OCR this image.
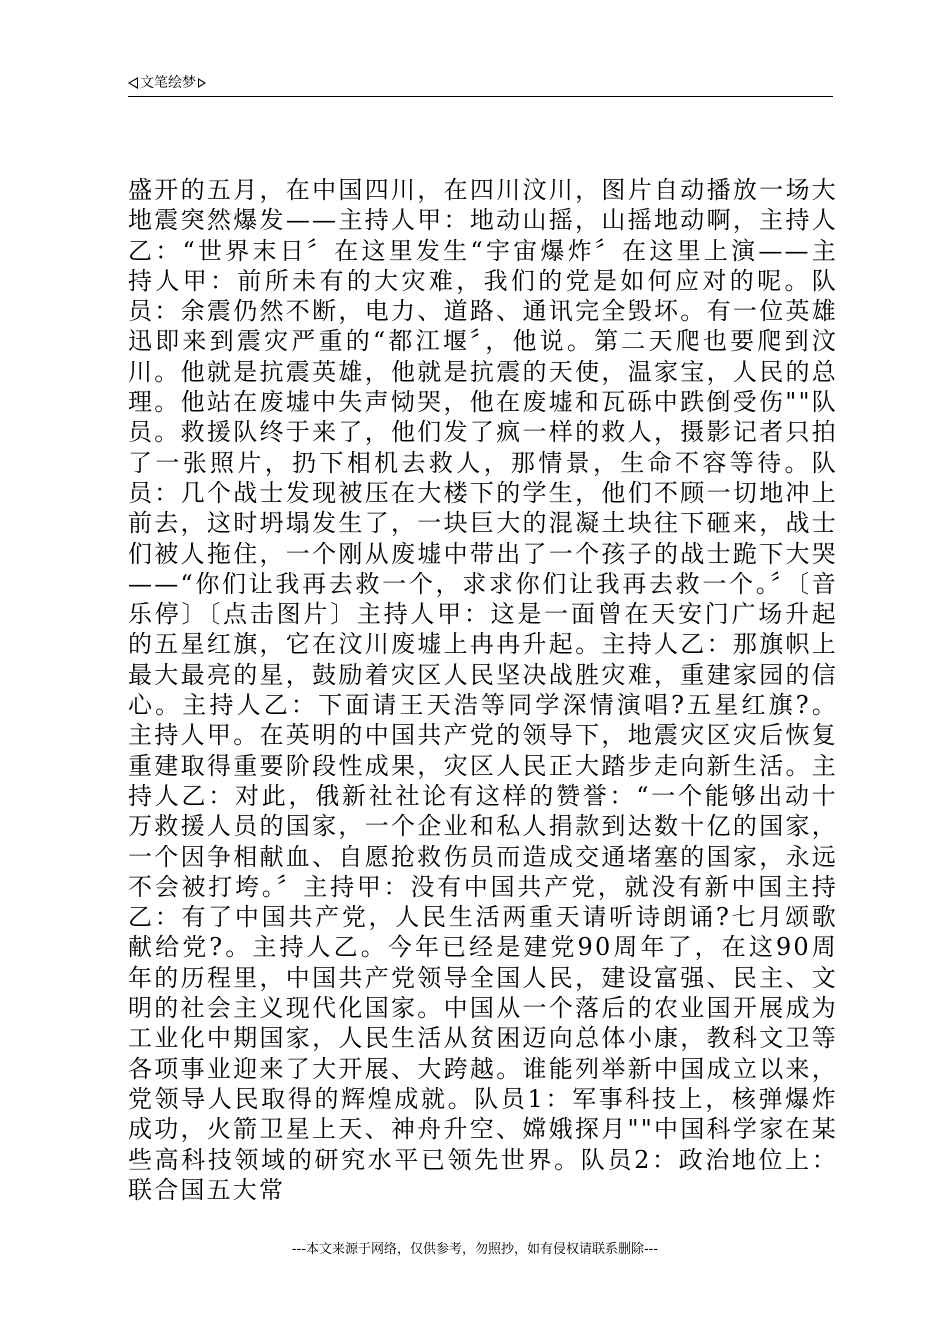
文笔绘梦

盛开的五月，在中国四川，在四川汶川，图片自动播放一场大地震突然爆发——主持人甲：地动山摇，山摇地动啊，主持人乙：“世界末日〞在这里发生“宇宙爆炸〞在这里上演——主持人甲：前所未有的大灾难，我们的党是如何应对的呢。队员：余震仍然不断，电力、道路、通讯完全毁坏。有一位英雄迅即来到震灾严重的“都江堰〞，他说。第二天爬也要爬到汶川。他就是抗震英雄，他就是抗震的天使，温家宝，人民的总理。他站在废墟中失声恸哭，他在废墟和瓦砾中跌倒受伤""队员。救援队终于来了，他们发了疯一样的救人，摄影记者只拍了一张照片，扔下相机去救人，那情景，生命不容等待。队员：几个战士发现被压在大楼下的学生，他们不顾一切地冲上前去，这时坍塌发生了，一块巨大的混凝土块往下砸来，战士们被人拖住，一个刚从废墟中带出了一个孩子的战士跪下大哭——“你们让我再去救一个，求求你们让我再去救一个。〞〔音乐停〕〔点击图片〕主持人甲：这是一面曾在天安门广场升起的五星红旗，它在汶川废墟上冉冉升起。主持人乙：那旗帜上最大最亮的星，鼓励着灾区人民坚决战胜灾难，重建家园的信心。主持人乙：下面请王天浩等同学深情演唱?五星红旗?。主持人甲。在英明的中国共产党的领导下，地震灾区灾后恢复重建取得重要阶段性成果，灾区人民正大踏步走向新生活。主持人乙：对此，俄新社社论有这样的赞誉：“一个能够出动十万救援人员的国家，一个企业和私人捐款到达数十亿的国家，一个因争相献血、自愿抢救伤员而造成交通堵塞的国家，永远不会被打垮。〞主持甲：没有中国共产党，就没有新中国主持乙：有了中国共产党，人民生活两重天请听诗朗诵?七月颂歌献给党?。主持人乙。今年已经是建党90周年了，在这90周年的历程里，中国共产党领导全国人民，建设富强、民主、文明的社会主义现代化国家。中国从一个落后的农业国开展成为工业化中期国家，人民生活从贫困迈向总体小康，教科文卫等各项事业迎来了大开展、大跨越。谁能列举新中国成立以来，党领导人民取得的辉煌成就。队员1：军事科技上，核弹爆炸成功，火箭卫星上天、神舟升空、嫦娥探月""中国科学家在某些高科技领域的研究水平已领先世界。队员2：政治地位上：联合国五大常

---本文来源于网络，仅供参考，勿照抄，如有侵权请联系删除---
